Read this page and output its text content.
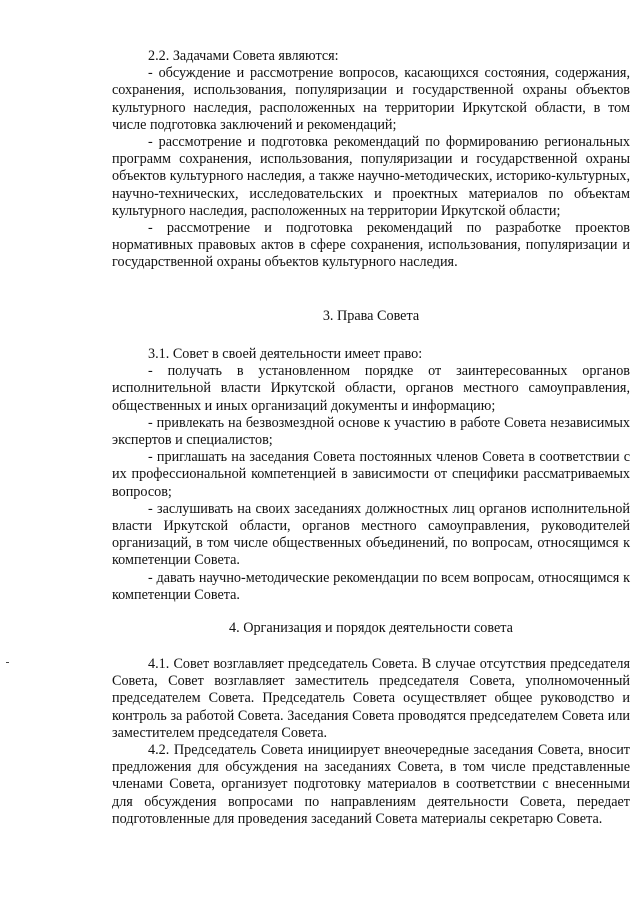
2.2. Задачами Совета являются:

- обсуждение и рассмотрение вопросов, касающихся состояния, содержания, сохранения, использования, популяризации и государственной охраны объектов культурного наследия, расположенных на территории Иркутской области, в том числе подготовка заключений и рекомендаций;

- рассмотрение и подготовка рекомендаций по формированию региональных программ сохранения, использования, популяризации и государственной охраны объектов культурного наследия, а также научно-методических, историко-культурных, научно-технических, исследовательских и проектных материалов по объектам культурного наследия, расположенных на территории Иркутской области;

- рассмотрение и подготовка рекомендаций по разработке проектов нормативных правовых актов в сфере сохранения, использования, популяризации и государственной охраны объектов культурного наследия.

3. Права Совета

3.1. Совет в своей деятельности имеет право:

- получать в установленном порядке от заинтересованных органов исполнительной власти Иркутской области, органов местного самоуправления, общественных и иных организаций документы и информацию;

- привлекать на безвозмездной основе к участию в работе Совета независимых экспертов и специалистов;

- приглашать на заседания Совета постоянных членов Совета в соответствии с их профессиональной компетенцией в зависимости от специфики рассматриваемых вопросов;

- заслушивать на своих заседаниях должностных лиц органов исполнительной власти Иркутской области, органов местного самоуправления, руководителей организаций, в том числе общественных объединений, по вопросам, относящимся к компетенции Совета.

- давать научно-методические рекомендации по всем вопросам, относящимся к компетенции Совета.

4. Организация и порядок деятельности совета

4.1. Совет возглавляет председатель Совета. В случае отсутствия председателя Совета, Совет возглавляет заместитель председателя Совета, уполномоченный председателем Совета. Председатель Совета осуществляет общее руководство и контроль за работой Совета. Заседания Совета проводятся председателем Совета или заместителем председателя Совета.

4.2. Председатель Совета инициирует внеочередные заседания Совета, вносит предложения для обсуждения на заседаниях Совета, в том числе представленные членами Совета, организует подготовку материалов в соответствии с внесенными для обсуждения вопросами по направлениям деятельности Совета, передает подготовленные для проведения заседаний Совета материалы секретарю Совета.
